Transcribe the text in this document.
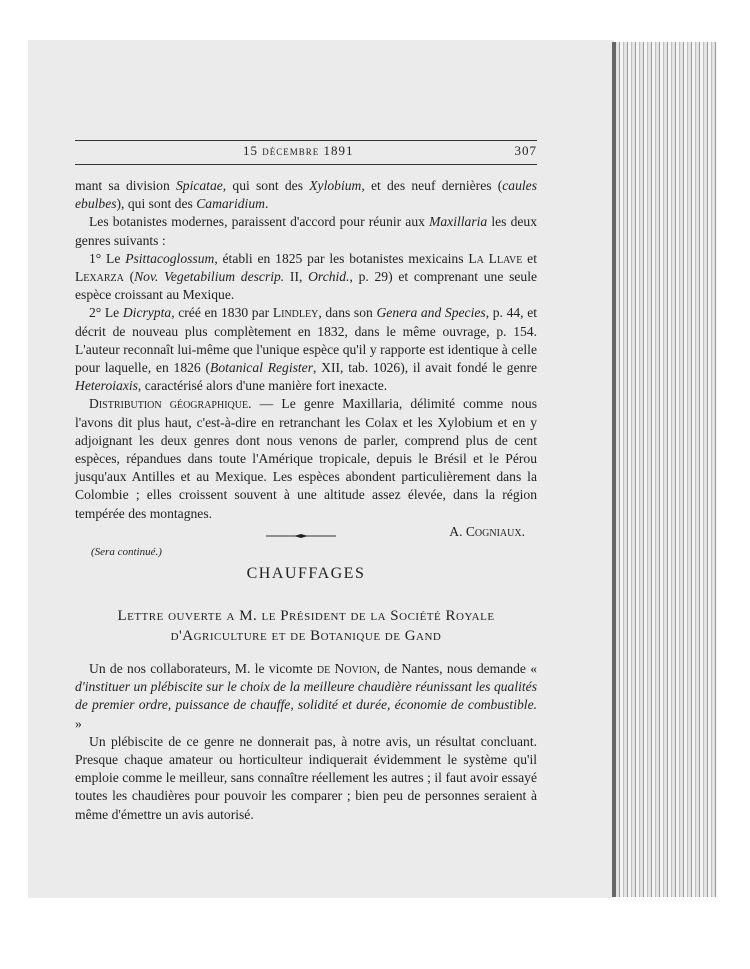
15 décembre 1891	307

mant sa division Spicatae, qui sont des Xylobium, et des neuf dernières (caules ebulbes), qui sont des Camaridium.

Les botanistes modernes, paraissent d'accord pour réunir aux Maxillaria les deux genres suivants :

1° Le Psittacoglossum, établi en 1825 par les botanistes mexicains La Llave et Lexarza (Nov. Vegetabilium descrip. II, Orchid., p. 29) et comprenant une seule espèce croissant au Mexique.

2° Le Dicrypta, créé en 1830 par Lindley, dans son Genera and Species, p. 44, et décrit de nouveau plus complètement en 1832, dans le même ouvrage, p. 154. L'auteur reconnaît lui-même que l'unique espèce qu'il y rapporte est identique à celle pour laquelle, en 1826 (Botanical Register, XII, tab. 1026), il avait fondé le genre Heteroiaxis, caractérisé alors d'une manière fort inexacte.

Distribution géographique. — Le genre Maxillaria, délimité comme nous l'avons dit plus haut, c'est-à-dire en retranchant les Colax et les Xylobium et en y adjoignant les deux genres dont nous venons de parler, comprend plus de cent espèces, répandues dans toute l'Amérique tropicale, depuis le Brésil et le Pérou jusqu'aux Antilles et au Mexique. Les espèces abondent particulièrement dans la Colombie ; elles croissent souvent à une altitude assez élevée, dans la région tempérée des montagnes.

A. Cogniaux.
(Sera continué.)
CHAUFFAGES
Lettre ouverte a M. le Président de la Société Royale
d'Agriculture et de Botanique de Gand

Un de nos collaborateurs, M. le vicomte de Novion, de Nantes, nous demande « d'instituer un plébiscite sur le choix de la meilleure chaudière réunissant les qualités de premier ordre, puissance de chauffe, solidité et durée, économie de combustible. »

Un plébiscite de ce genre ne donnerait pas, à notre avis, un résultat concluant. Presque chaque amateur ou horticulteur indiquerait évidemment le système qu'il emploie comme le meilleur, sans connaître réellement les autres ; il faut avoir essayé toutes les chaudières pour pouvoir les comparer ; bien peu de personnes seraient à même d'émettre un avis autorisé.
